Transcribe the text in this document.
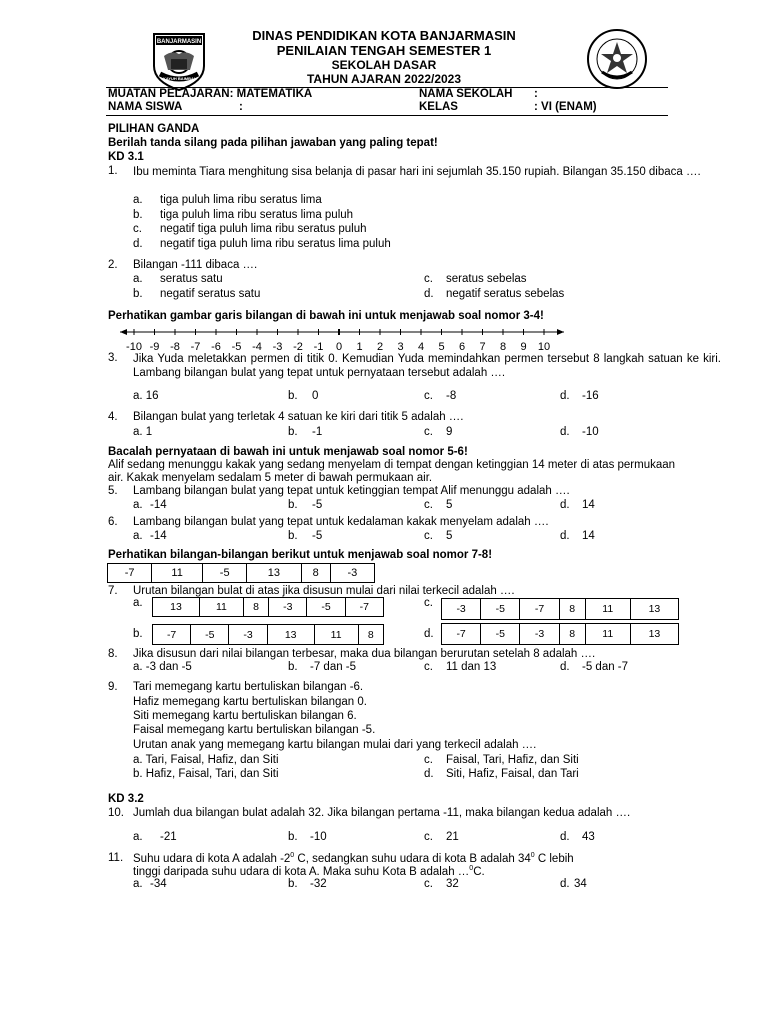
BANJARMASIN
KAYUH BAIMBAI
DINAS PENDIDIKAN KOTA BANJARMASIN
PENILAIAN TENGAH SEMESTER 1
SEKOLAH DASAR
TAHUN AJARAN 2022/2023
MUATAN PELAJARAN: MATEMATIKA	NAMA SEKOLAH :
NAMA SISWA	:	KELAS	: VI (ENAM)
PILIHAN GANDA
Berilah tanda silang pada pilihan jawaban yang paling tepat!
KD 3.1
1. Ibu meminta Tiara menghitung sisa belanja di pasar hari ini sejumlah 35.150 rupiah. Bilangan 35.150 dibaca ….
a. tiga puluh lima ribu seratus lima
b. tiga puluh lima ribu seratus lima puluh
c. negatif tiga puluh lima ribu seratus puluh
d. negatif tiga puluh lima ribu seratus lima puluh
2. Bilangan -111 dibaca ….
a. seratus satu
b. negatif seratus satu
c. seratus sebelas
d. negatif seratus sebelas
Perhatikan gambar garis bilangan di bawah ini untuk menjawab soal nomor 3-4!
-10 -9 -8 -7 -6 -5 -4 -3 -2 -1 0 1 2 3 4 5 6 7 8 9 10
3. Jika Yuda meletakkan permen di titik 0. Kemudian Yuda memindahkan permen tersebut 8 langkah satuan ke kiri. Lambang bilangan bulat yang tepat untuk pernyataan tersebut adalah ….
a. 16	b. 0	c. -8	d. -16
4. Bilangan bulat yang terletak 4 satuan ke kiri dari titik 5 adalah ….
a. 1	b. -1	c. 9	d. -10
Bacalah pernyataan di bawah ini untuk menjawab soal nomor 5-6!
Alif sedang menunggu kakak yang sedang menyelam di tempat dengan ketinggian 14 meter di atas permukaan air. Kakak menyelam sedalam 5 meter di bawah permukaan air.
5. Lambang bilangan bulat yang tepat untuk ketinggian tempat Alif menunggu adalah ….
a. -14	b. -5	c. 5	d. 14
6. Lambang bilangan bulat yang tepat untuk kedalaman kakak menyelam adalah ….
a. -14	b. -5	c. 5	d. 14
Perhatikan bilangan-bilangan berikut untuk menjawab soal nomor 7-8!
-7	11	-5	13	8	-3
7. Urutan bilangan bulat di atas jika disusun mulai dari nilai terkecil adalah ….
a.	13	11	8	-3	-5	-7	c. -3	-5	-7	8	11	13
b. -7	-5	-3	13	11	8	d. -7	-5	-3	8	11	13
8. Jika disusun dari nilai bilangan terbesar, maka dua bilangan berurutan setelah 8 adalah ….
a. -3 dan -5	b. -7 dan -5	c. 11 dan 13	d. -5 dan -7
9. Tari memegang kartu bertuliskan bilangan -6.
Hafiz memegang kartu bertuliskan bilangan 0.
Siti memegang kartu bertuliskan bilangan 6.
Faisal memegang kartu bertuliskan bilangan -5.
Urutan anak yang memegang kartu bilangan mulai dari yang terkecil adalah ….
a. Tari, Faisal, Hafiz, dan Siti
b. Hafiz, Faisal, Tari, dan Siti
c. Faisal, Tari, Hafiz, dan Siti
d. Siti, Hafiz, Faisal, dan Tari
KD 3.2
10. Jumlah dua bilangan bulat adalah 32. Jika bilangan pertama -11, maka bilangan kedua adalah ….
a. -21	b. -10	c. 21	d. 43
11. Suhu udara di kota A adalah $-2^0$ C, sedangkan suhu udara di kota B adalah $34^0$ C lebih
tinggi daripada suhu udara di kota A. Maka suhu Kota B adalah …$^0$C.
a. -34	b. -32	c. 32	d. 34
